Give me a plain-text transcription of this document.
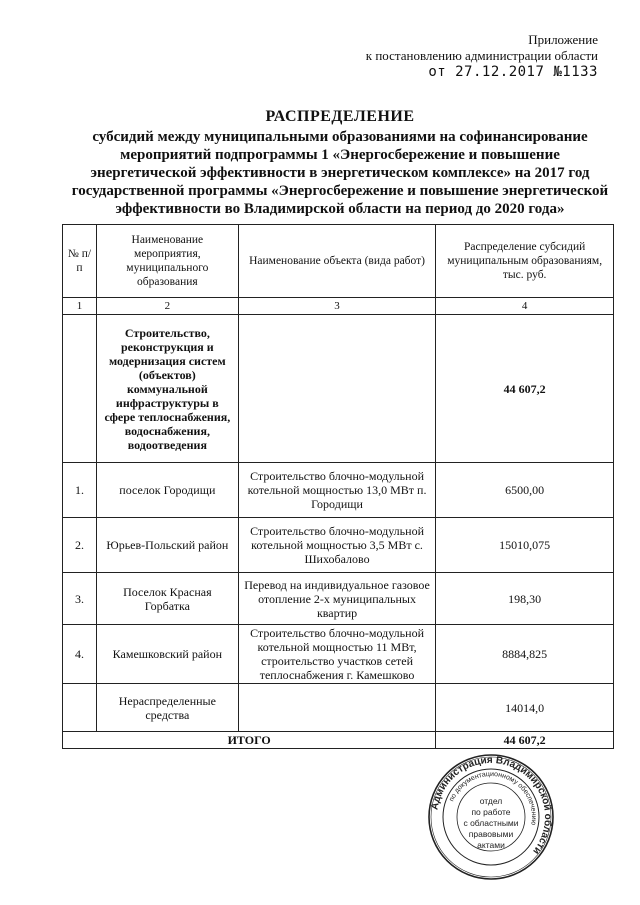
Приложение
к постановлению администрации области
от 27.12.2017 №1133
РАСПРЕДЕЛЕНИЕ
субсидий между муниципальными образованиями на софинансирование
мероприятий подпрограммы 1 «Энергосбережение и повышение
энергетической эффективности в энергетическом комплексе» на 2017 год
государственной программы «Энергосбережение и повышение энергетической
эффективности во Владимирской области на период до 2020 года»
№ п/п	Наименование мероприятия, муниципального образования	Наименование объекта (вида работ)	Распределение субсидий муниципальным образованиям, тыс. руб.
1	2	3	4
	Строительство, реконструкция и модернизация систем (объектов) коммунальной инфраструктуры в сфере теплоснабжения, водоснабжения, водоотведения		44 607,2
1.	поселок Городищи	Строительство блочно-модульной котельной мощностью 13,0 МВт п. Городищи	6500,00
2.	Юрьев-Польский район	Строительство блочно-модульной котельной мощностью 3,5 МВт с. Шихобалово	15010,075
3.	Поселок Красная Горбатка	Перевод на индивидуальное газовое отопление 2-х муниципальных квартир	198,30
4.	Камешковский район	Строительство блочно-модульной котельной мощностью 11 МВт, строительство участков сетей теплоснабжения г. Камешково	8884,825
	Нераспределенные средства		14014,0
ИТОГО			44 607,2
Администрация Владимирской области
по документационному обеспечению
отдел
по работе
с областными
правовыми
актами
